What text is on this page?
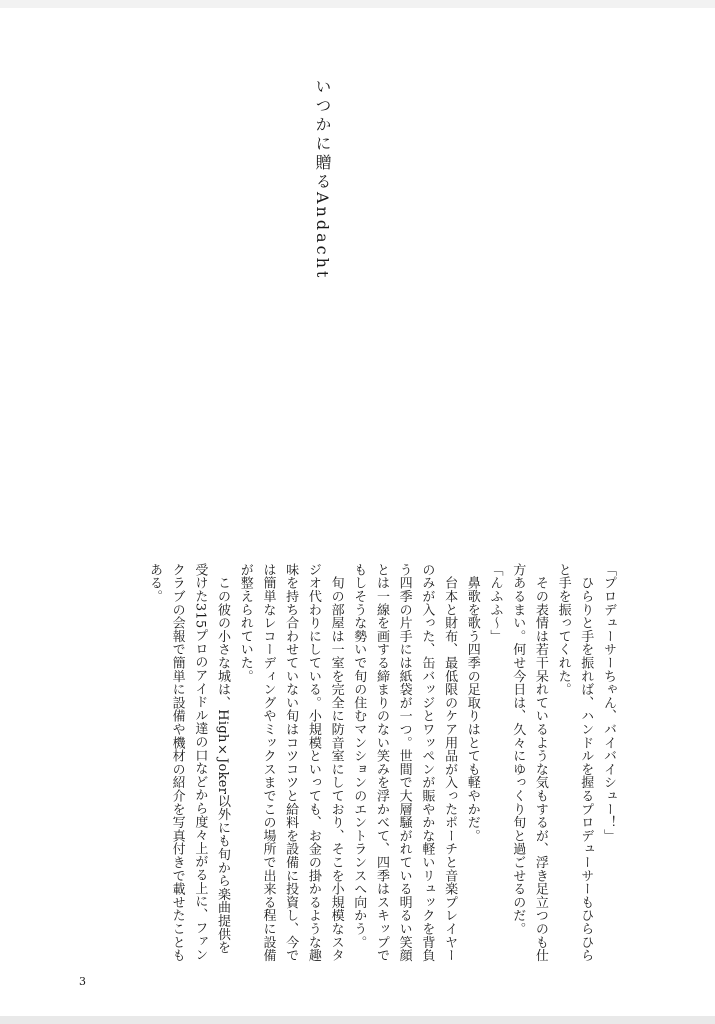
いつかに贈るAndacht

「プロデューサーちゃん、バイバイシュー！」

　ひらりと手を振れば、ハンドルを握るプロデューサーもひらひらと手を振ってくれた。

　その表情は若干呆れているような気もするが、浮き足立つのも仕方あるまい。何せ今日は、久々にゆっくり旬と過ごせるのだ。

「んふふ〜」

　鼻歌を歌う四季の足取りはとても軽やかだ。

　台本と財布、最低限のケア用品が入ったポーチと音楽プレイヤーのみが入った、缶バッジとワッペンが賑やかな軽いリュックを背負う四季の片手には紙袋が一つ。世間で大層騒がれている明るい笑顔とは一線を画する締まりのない笑みを浮かべて、四季はスキップでもしそうな勢いで旬の住むマンションのエントランスへ向かう。

　旬の部屋は一室を完全に防音室にしており、そこを小規模なスタジオ代わりにしている。小規模といっても、お金の掛かるような趣味を持ち合わせていない旬はコツコツと給料を設備に投資し、今では簡単なレコーディングやミックスまでこの場所で出来る程に設備が整えられていた。

　この彼の小さな城は、High×Joker以外にも旬から楽曲提供を受けた315プロのアイドル達の口などから度々上がる上に、ファンクラブの会報で簡単に設備や機材の紹介を写真付きで載せたこともある。

3
